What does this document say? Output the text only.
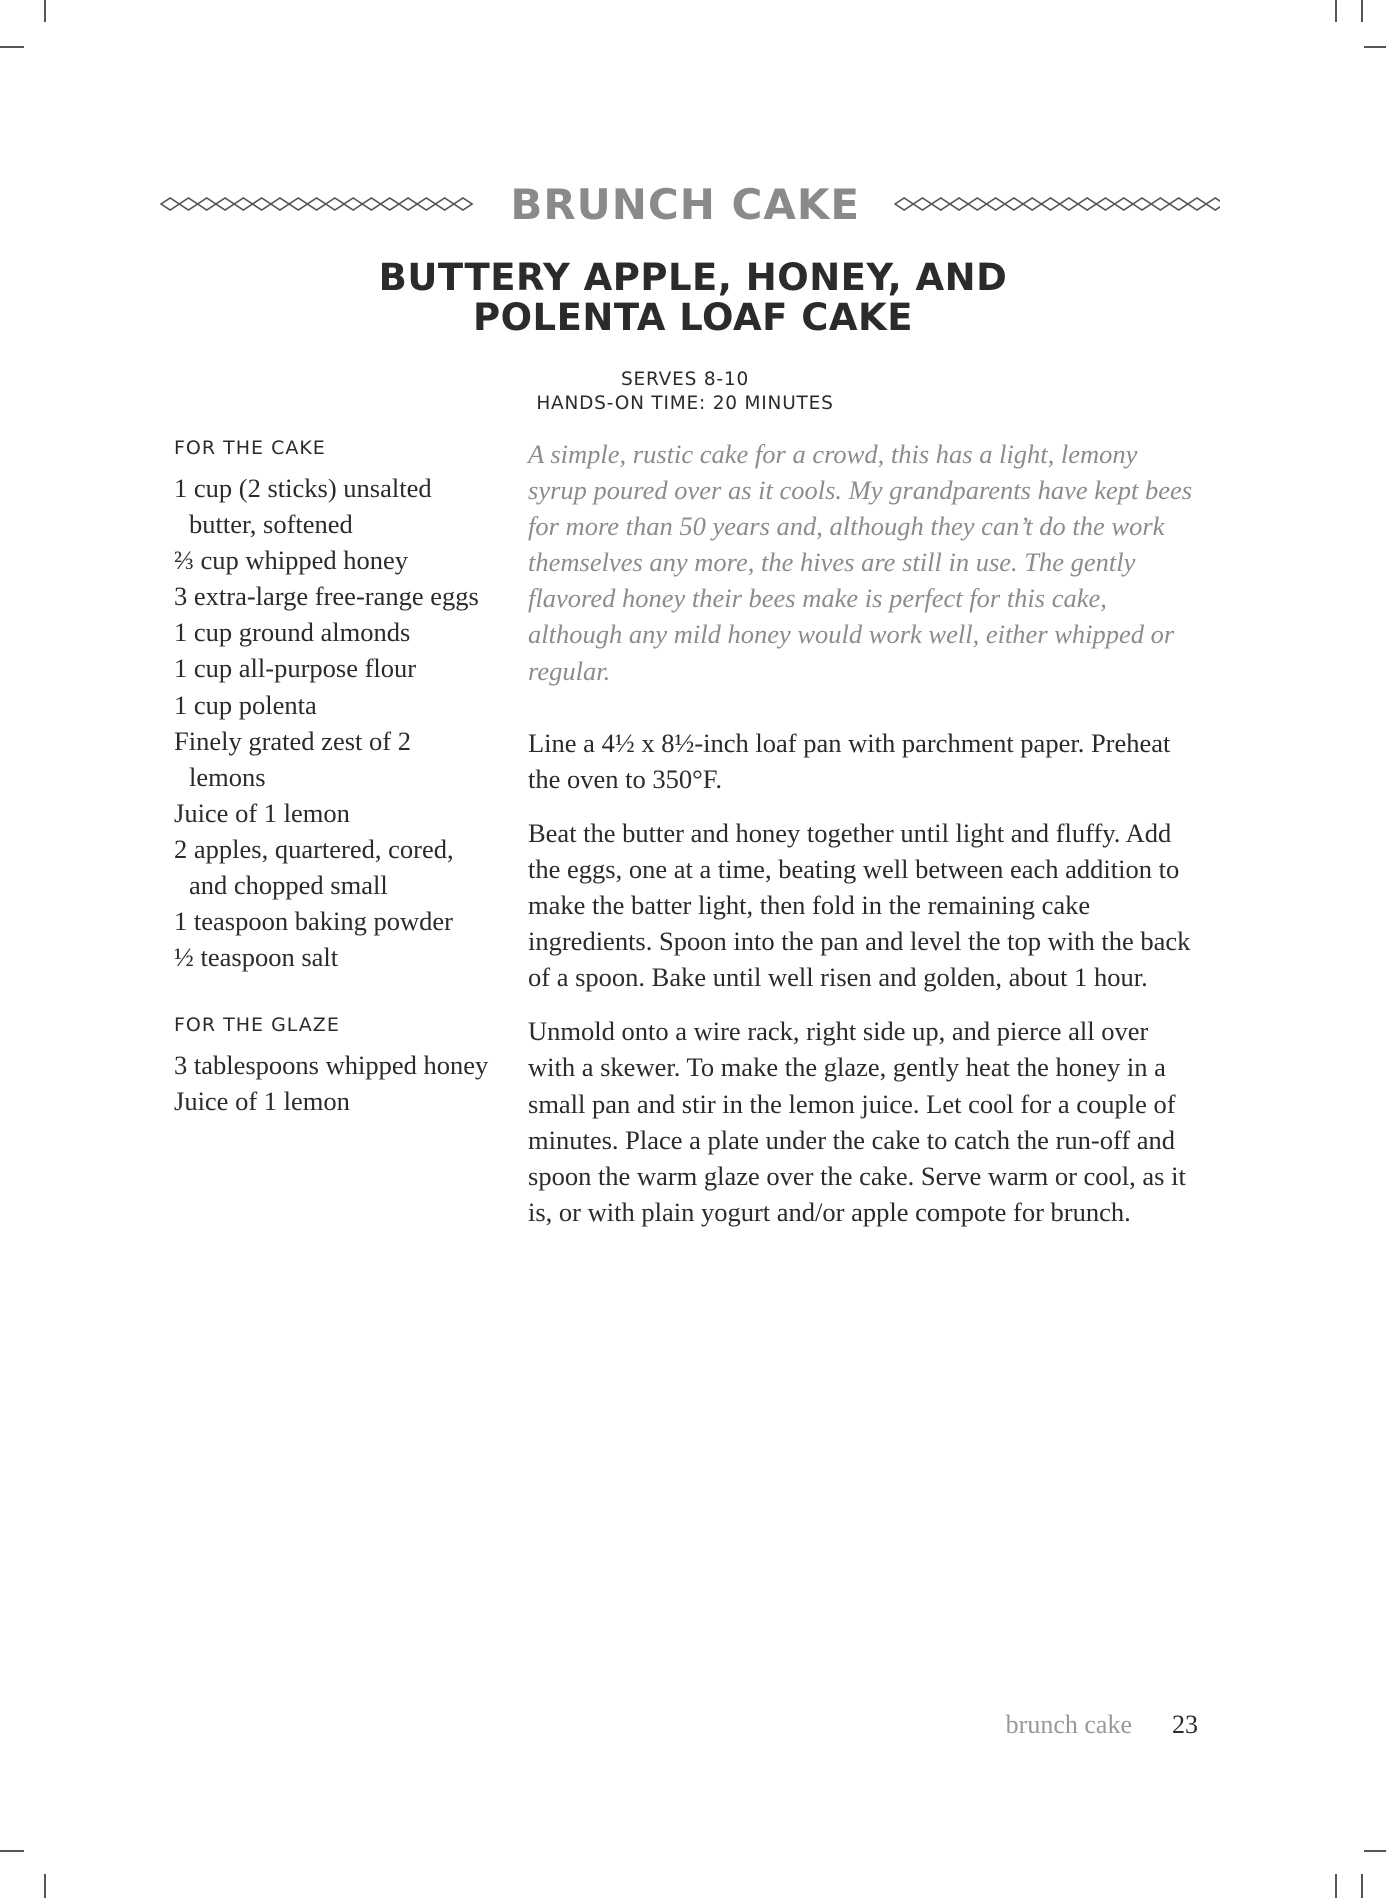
BRUNCH CAKE
BUTTERY APPLE, HONEY, AND
POLENTA LOAF CAKE
SERVES 8-10
HANDS-ON TIME: 20 MINUTES
FOR THE CAKE
1 cup (2 sticks) unsalted butter, softened
⅔ cup whipped honey
3 extra-large free-range eggs
1 cup ground almonds
1 cup all-purpose flour
1 cup polenta
Finely grated zest of 2 lemons
Juice of 1 lemon
2 apples, quartered, cored, and chopped small
1 teaspoon baking powder
½ teaspoon salt
FOR THE GLAZE
3 tablespoons whipped honey
Juice of 1 lemon

A simple, rustic cake for a crowd, this has a light, lemony syrup poured over as it cools. My grandparents have kept bees for more than 50 years and, although they can’t do the work themselves any more, the hives are still in use. The gently flavored honey their bees make is perfect for this cake, although any mild honey would work well, either whipped or regular.

Line a 4½ x 8½-inch loaf pan with parchment paper. Preheat the oven to 350°F.

Beat the butter and honey together until light and fluffy. Add the eggs, one at a time, beating well between each addition to make the batter light, then fold in the remaining cake ingredients. Spoon into the pan and level the top with the back of a spoon. Bake until well risen and golden, about 1 hour.

Unmold onto a wire rack, right side up, and pierce all over with a skewer. To make the glaze, gently heat the honey in a small pan and stir in the lemon juice. Let cool for a couple of minutes. Place a plate under the cake to catch the run-off and spoon the warm glaze over the cake. Serve warm or cool, as it is, or with plain yogurt and/or apple compote for brunch.

brunch cake 23
